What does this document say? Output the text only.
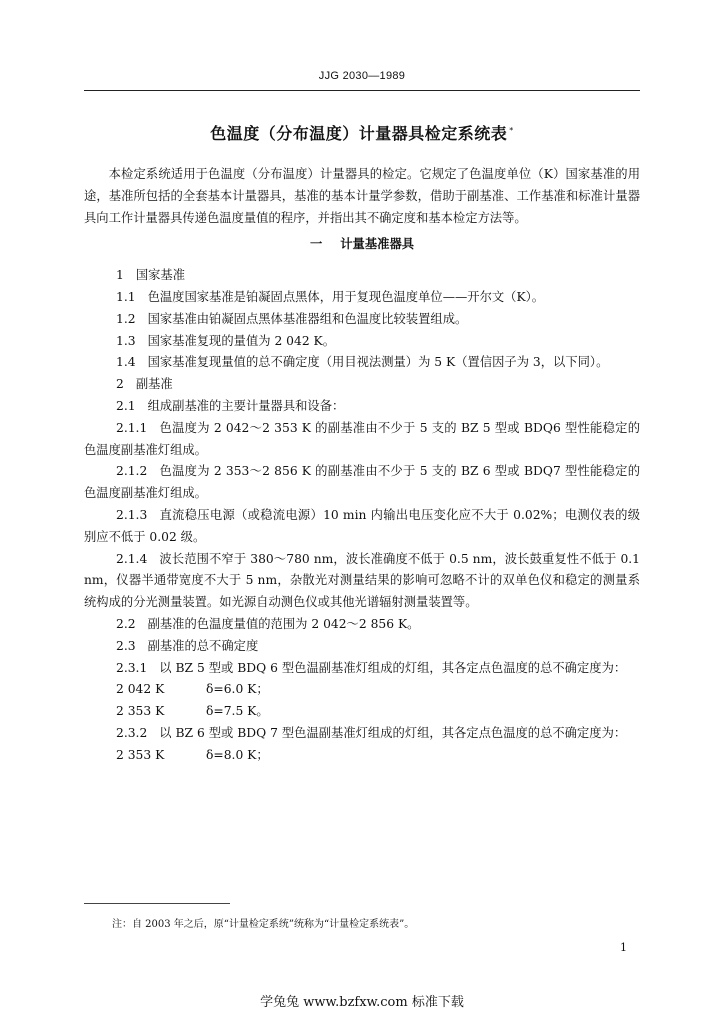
JJG 2030—1989
色温度（分布温度）计量器具检定系统表 *

本检定系统适用于色温度（分布温度）计量器具的检定。它规定了色温度单位（K）国家基准的用途，基准所包括的全套基本计量器具，基准的基本计量学参数，借助于副基准、工作基准和标准计量器具向工作计量器具传递色温度量值的程序，并指出其不确定度和基本检定方法等。

一 计量基准器具

1 国家基准

1.1 色温度国家基准是铂凝固点黑体，用于复现色温度单位——开尔文（K）。

1.2 国家基准由铂凝固点黑体基准器组和色温度比较装置组成。

1.3 国家基准复现的量值为 2 042 K。

1.4 国家基准复现量值的总不确定度（用目视法测量）为 5 K（置信因子为 3，以下同）。

2 副基准

2.1 组成副基准的主要计量器具和设备：

2.1.1 色温度为 2 042～2 353 K 的副基准由不少于 5 支的 BZ 5 型或 BDQ6 型性能稳定的色温度副基准灯组成。

2.1.2 色温度为 2 353～2 856 K 的副基准由不少于 5 支的 BZ 6 型或 BDQ7 型性能稳定的色温度副基准灯组成。

2.1.3 直流稳压电源（或稳流电源）10 min 内输出电压变化应不大于 0.02%；电测仪表的级别应不低于 0.02 级。

2.1.4 波长范围不窄于 380～780 nm，波长准确度不低于 0.5 nm，波长鼓重复性不低于 0.1 nm，仪器半通带宽度不大于 5 nm，杂散光对测量结果的影响可忽略不计的双单色仪和稳定的测量系统构成的分光测量装置。如光源自动测色仪或其他光谱辐射测量装置等。

2.2 副基准的色温度量值的范围为 2 042～2 856 K。

2.3 副基准的总不确定度

2.3.1 以 BZ 5 型或 BDQ 6 型色温副基准灯组成的灯组，其各定点色温度的总不确定度为：

2 042 K	δ=6.0 K；

2 353 K	δ=7.5 K。

2.3.2 以 BZ 6 型或 BDQ 7 型色温副基准灯组成的灯组，其各定点色温度的总不确定度为：

2 353 K	δ=8.0 K；

注：自 2003 年之后，原“计量检定系统”统称为“计量检定系统表”。
1
学兔兔 www.bzfxw.com 标准下载
